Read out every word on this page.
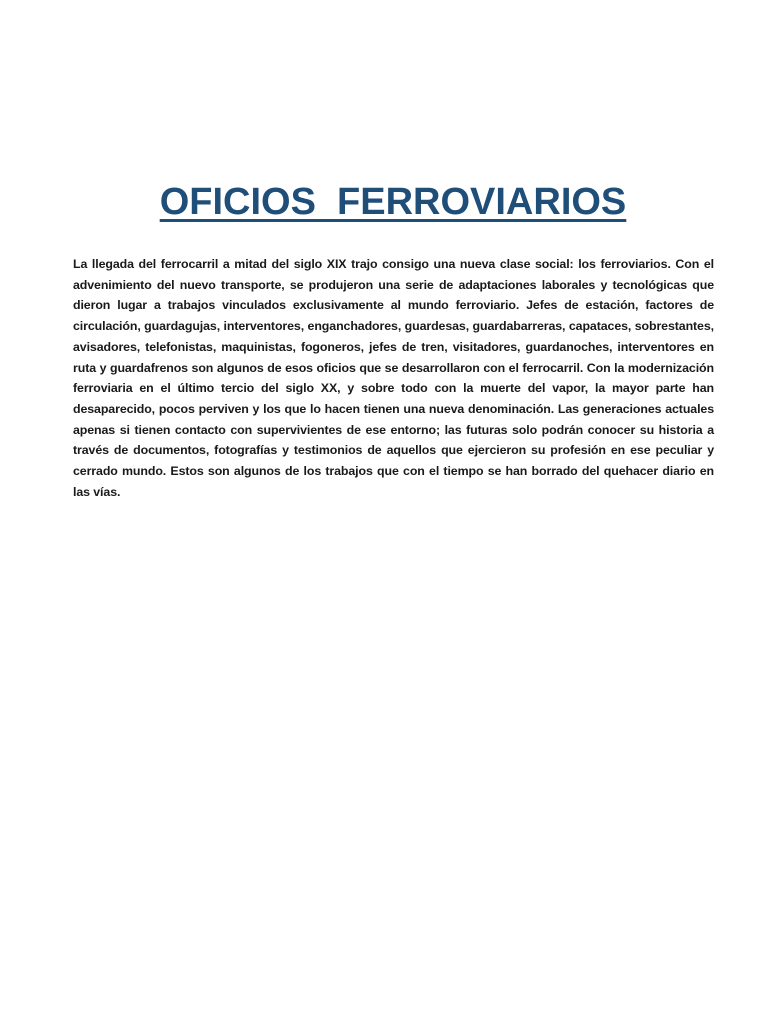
OFICIOS  FERROVIARIOS

La llegada del ferrocarril a mitad del siglo XIX trajo consigo una nueva clase social: los ferroviarios. Con el advenimiento del nuevo transporte, se produjeron una serie de adaptaciones laborales y tecnológicas que dieron lugar a trabajos vinculados exclusivamente al mundo ferroviario. Jefes de estación, factores de circulación, guardagujas, interventores, enganchadores, guardesas, guardabarreras, capataces, sobrestantes, avisadores, telefonistas, maquinistas, fogoneros, jefes de tren, visitadores, guardanoches, interventores en ruta y guardafrenos son algunos de esos oficios que se desarrollaron con el ferrocarril. Con la modernización ferroviaria en el último tercio del siglo XX, y sobre todo con la muerte del vapor, la mayor parte han desaparecido, pocos perviven y los que lo hacen tienen una nueva denominación. Las generaciones actuales apenas si tienen contacto con supervivientes de ese entorno; las futuras solo podrán conocer su historia a través de documentos, fotografías y testimonios de aquellos que ejercieron su profesión en ese peculiar y cerrado mundo. Estos son algunos de los trabajos que con el tiempo se han borrado del quehacer diario en las vías.
